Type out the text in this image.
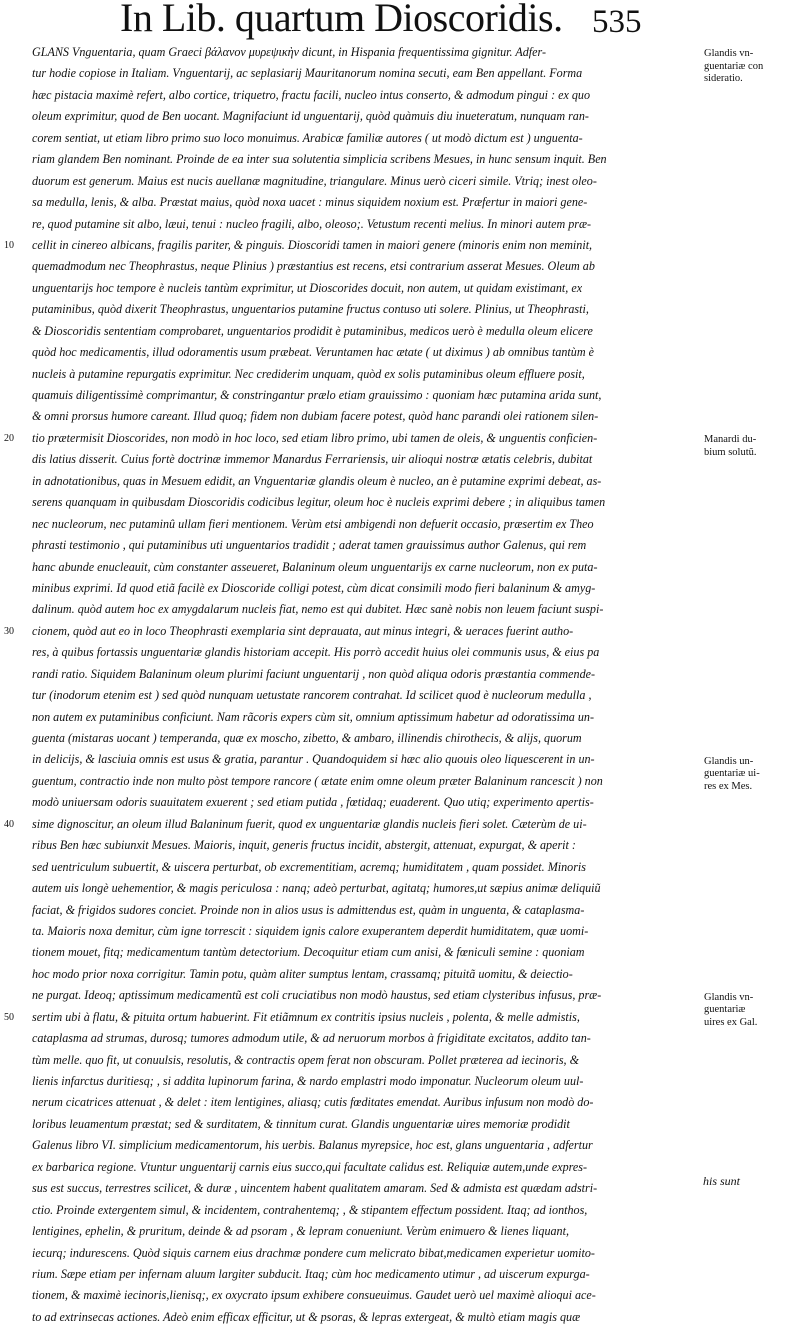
In Lib. quartum Dioscoridis. 535
GLANS Vnguentaria, quam Graeci βάλανον μυρεψικὴν dicunt, in Hispania frequentissima gignitur. Adfer-
tur hodie copiose in Italiam. Vnguentarij, ac seplasiarij Mauritanorum nomina secuti, eam Ben appellant. Forma
hæc pistacia maximè refert, albo cortice, triquetro, fractu facili, nucleo intus conserto, & admodum pingui : ex quo
oleum exprimitur, quod de Ben uocant. Magnifaciunt id unguentarij, quòd quàmuis diu inueteratum, nunquam ran-
corem sentiat, ut etiam libro primo suo loco monuimus. Arabicæ familiæ autores ( ut modò dictum est ) unguenta-
riam glandem Ben nominant. Proinde de ea inter sua solutentia simplicia scribens Mesues, in hunc sensum inquit. Ben
duorum est generum. Maius est nucis auellanæ magnitudine, triangulare. Minus uerò ciceri simile. Vtriq; inest oleo-
sa medulla, lenis, & alba. Præstat maius, quòd noxa uacet : minus siquidem noxium est. Præfertur in maiori gene-
re, quod putamine sit albo, læui, tenui : nucleo fragili, albo, oleoso;. Vetustum recenti melius. In minori autem præ-
cellit in cinereo albicans, fragilis pariter, & pinguis. Dioscoridi tamen in maiori genere (minoris enim non meminit,
quemadmodum nec Theophrastus, neque Plinius ) præstantius est recens, etsi contrarium asserat Mesues. Oleum ab
unguentarijs hoc tempore è nucleis tantùm exprimitur, ut Dioscorides docuit, non autem, ut quidam existimant, ex
putaminibus, quòd dixerit Theophrastus, unguentarios putamine fructus contuso uti solere. Plinius, ut Theophrasti,
& Dioscoridis sententiam comprobaret, unguentarios prodidit è putaminibus, medicos uerò è medulla oleum elicere
quòd hoc medicamentis, illud odoramentis usum præbeat. Veruntamen hac ætate ( ut diximus ) ab omnibus tantùm è
nucleis à putamine repurgatis exprimitur. Nec crediderim unquam, quòd ex solis putaminibus oleum effluere posit,
quamuis diligentissimè comprimantur, & constringantur prælo etiam grauissimo : quoniam hæc putamina arida sunt,
& omni prorsus humore careant. Illud quoq; fidem non dubiam facere potest, quòd hanc parandi olei rationem silen-
tio prætermisit Dioscorides, non modò in hoc loco, sed etiam libro primo, ubi tamen de oleis, & unguentis conficien-
dis latius disserit. Cuius fortè doctrinæ immemor Manardus Ferrariensis, uir alioqui nostræ ætatis celebris, dubitat
in adnotationibus, quas in Mesuem edidit, an Vnguentariæ glandis oleum è nucleo, an è putamine exprimi debeat, as-
serens quanquam in quibusdam Dioscoridis codicibus legitur, oleum hoc è nucleis exprimi debere ; in aliquibus tamen
nec nucleorum, nec putaminû ullam fieri mentionem. Verùm etsi ambigendi non defuerit occasio, præsertim ex Theo
phrasti testimonio , qui putaminibus uti unguentarios tradidit ; aderat tamen grauissimus author Galenus, qui rem
hanc abunde enucleauit, cùm constanter asseueret, Balaninum oleum unguentarijs ex carne nucleorum, non ex puta-
minibus exprimi. Id quod etiã facilè ex Dioscoride colligi potest, cùm dicat consimili modo fieri balaninum & amyg-
dalinum. quòd autem hoc ex amygdalarum nucleis fiat, nemo est qui dubitet. Hæc sanè nobis non leuem faciunt suspi-
cionem, quòd aut eo in loco Theophrasti exemplaria sint deprauata, aut minus integri, & ueraces fuerint autho-
res, à quibus fortassis unguentariæ glandis historiam accepit. His porrò accedit huius olei communis usus, & eius pa
randi ratio. Siquidem Balaninum oleum plurimi faciunt unguentarij , non quòd aliqua odoris præstantia commende-
tur (inodorum etenim est ) sed quòd nunquam uetustate rancorem contrahat. Id scilicet quod è nucleorum medulla ,
non autem ex putaminibus conficiunt. Nam rãcoris expers cùm sit, omnium aptissimum habetur ad odoratissima un-
guenta (mistaras uocant ) temperanda, quæ ex moscho, zibetto, & ambaro, illinendis chirothecis, & alijs, quorum
in delicijs, & lasciuia omnis est usus & gratia, parantur . Quandoquidem si hæc alio quouis oleo liquescerent in un-
guentum, contractio inde non multo pòst tempore rancore ( ætate enim omne oleum præter Balaninum rancescit ) non
modò uniuersam odoris suauitatem exuerent ; sed etiam putida , fœtidaq; euaderent. Quo utiq; experimento apertis-
sime dignoscitur, an oleum illud Balaninum fuerit, quod ex unguentariæ glandis nucleis fieri solet. Cæterùm de ui-
ribus Ben hæc subiunxit Mesues. Maioris, inquit, generis fructus incidit, abstergit, attenuat, expurgat, & aperit :
sed uentriculum subuertit, & uiscera perturbat, ob excrementitiam, acremq; humiditatem , quam possidet. Minoris
autem uis longè uehementior, & magis periculosa : nanq; adeò perturbat, agitatq; humores,ut sæpius animæ deliquiũ
faciat, & frigidos sudores conciet. Proinde non in alios usus is admittendus est, quàm in unguenta, & cataplasma-
ta. Maioris noxa demitur, cùm igne torrescit : siquidem ignis calore exuperantem deperdit humiditatem, quæ uomi-
tionem mouet, fitq; medicamentum tantùm detectorium. Decoquitur etiam cum anisi, & fœniculi semine : quoniam
hoc modo prior noxa corrigitur. Tamin potu, quàm aliter sumptus lentam, crassamq; pituitã uomitu, & deiectio-
ne purgat. Ideoq; aptissimum medicamentũ est coli cruciatibus non modò haustus, sed etiam clysteribus infusus, præ-
sertim ubi à flatu, & pituita ortum habuerint. Fit etiãmnum ex contritis ipsius nucleis , polenta, & melle admistis,
cataplasma ad strumas, durosq; tumores admodum utile, & ad neruorum morbos à frigiditate excitatos, addito tan-
tùm melle. quo fit, ut conuulsis, resolutis, & contractis opem ferat non obscuram. Pollet præterea ad iecinoris, &
lienis infarctus duritiesq; , si addita lupinorum farina, & nardo emplastri modo imponatur. Nucleorum oleum uul-
nerum cicatrices attenuat , & delet : item lentigines, aliasq; cutis fœditates emendat. Auribus infusum non modò do-
loribus leuamentum præstat; sed & surditatem, & tinnitum curat. Glandis unguentariæ uires memoriæ prodidit
Galenus libro VI. simplicium medicamentorum, his uerbis. Balanus myrepsice, hoc est, glans unguentaria , adfertur
ex barbarica regione. Vtuntur unguentarij carnis eius succo,qui facultate calidus est. Reliquiæ autem,unde expres-
sus est succus, terrestres scilicet, & duræ , uincentem habent qualitatem amaram. Sed & admista est quædam adstri-
ctio. Proinde extergentem simul, & incidentem, contrahentemq; , & stipantem effectum possident. Itaq; ad ionthos,
lentigines, ephelin, & pruritum, deinde & ad psoram , & lepram conueniunt. Verùm enimuero & lienes liquant,
iecurq; indurescens. Quòd siquis carnem eius drachmæ pondere cum melicrato bibat,medicamen experietur uomito-
rium. Sæpe etiam per infernam aluum largiter subducit. Itaq; cùm hoc medicamento utimur , ad uiscerum expurga-
tionem, & maximè iecinoris,lienisq;, ex oxycrato ipsum exhibere consueuimus. Gaudet uerò uel maximè alioqui ace-
to ad extrinsecas actiones. Adeò enim efficax efficitur, ut & psoras, & lepras extergeat, & multò etiam magis quæ
Glandis vn-
guentariæ con
sideratio.
Manardi du-
bium solutũ.
Glandis un-
guentariæ ui-
res ex Mes.
Glandis vn-
guentariæ
uires ex Gal.
his sunt
10
20
30
40
50
